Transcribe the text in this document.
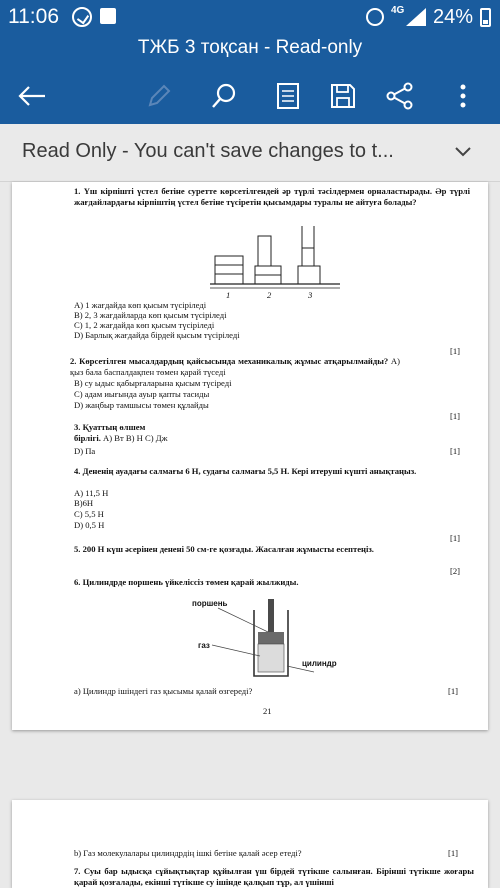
11:06	4G 24%
ТЖБ 3 тоқсан - Read-only
Read Only - You can't save changes to t...
1. Үш кірпішті үстел бетіне суретте көрсетілгендей әр түрлі тәсілдермен орналастырады. Әр түрлі жағдайлардағы кірпіштің үстел бетіне түсіретін қысымдары туралы не айтуға болады?
1	2	3
A) 1 жағдайда көп қысым түсіріледі
B) 2, 3 жағдайларда көп қысым түсіріледі
C) 1, 2 жағдайда көп қысым түсіріледі
D) Барлық жағдайда бірдей қысым түсіріледі
[1]
2. Көрсетілген мысалдардың қайсысында механикалық жұмыс атқарылмайды? A) қыз бала баспалдақпен төмен қарай түседі
B) су ыдыс қабырғаларына қысым түсіреді
C) адам иығында ауыр қапты тасиды
D) жаңбыр тамшысы төмен құлайды
[1]
3. Қуаттың өлшем
бірлігі. A) Вт B) Н C) Дж
D) Па	[1]
4. Дененің ауадағы салмағы 6 Н, судағы салмағы 5,5 Н. Кері итеруші күшті анықтаңыз.
A) 11,5 Н
B)6Н
C) 5,5 Н
D) 0,5 Н
[1]
5. 200 Н күш әсерінен денені 50 см-ге қозғады. Жасалған жұмысты есептеңіз.
[2]
6. Цилиндрде поршень үйкеліссіз төмен қарай жылжиды.
поршень
газ
цилиндр
а) Цилиндр ішіндегі газ қысымы қалай өзгереді?	[1]
21
b) Газ молекулалары цилиндрдің ішкі бетіне қалай әсер етеді?	[1]
7. Суы бар ыдысқа сұйықтықтар құйылған үш бірдей түтікше салынған. Бірінші түтікше жоғары қарай қозғалады, екінші түтікше су ішінде қалқып тұр, ал үшінші
